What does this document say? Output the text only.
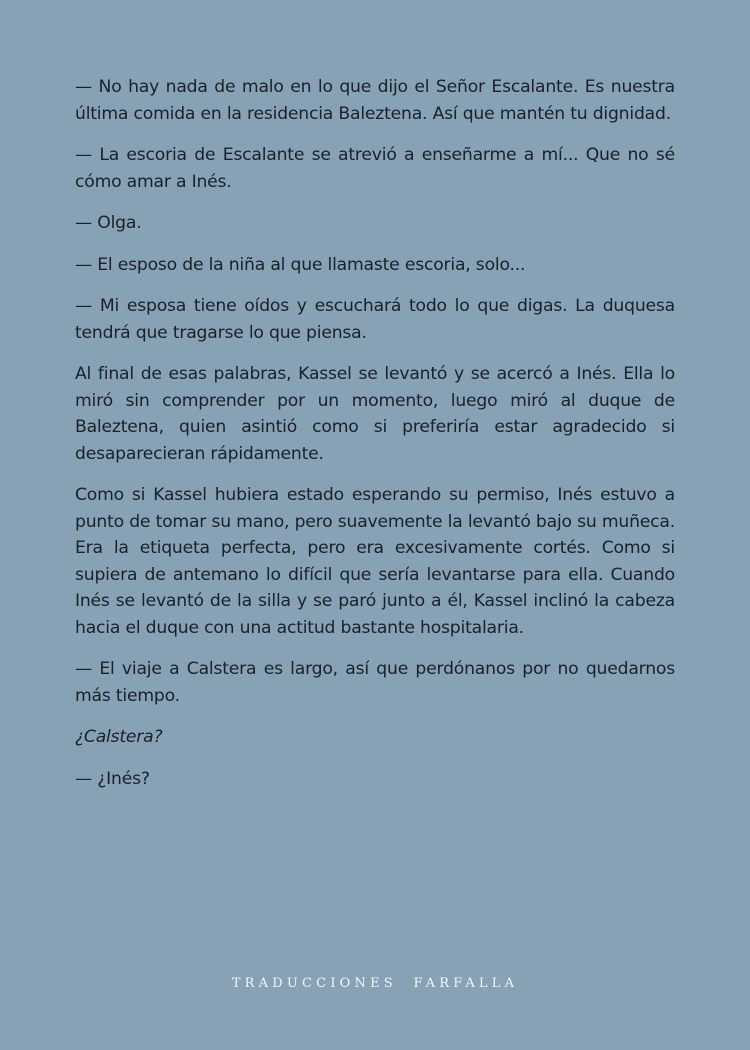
— No hay nada de malo en lo que dijo el Señor Escalante. Es nuestra última comida en la residencia Baleztena. Así que mantén tu dignidad.

— La escoria de Escalante se atrevió a enseñarme a mí... Que no sé cómo amar a Inés.

— Olga.

— El esposo de la niña al que llamaste escoria, solo...

— Mi esposa tiene oídos y escuchará todo lo que digas. La duquesa tendrá que tragarse lo que piensa.

Al final de esas palabras, Kassel se levantó y se acercó a Inés. Ella lo miró sin comprender por un momento, luego miró al duque de Baleztena, quien asintió como si preferiría estar agradecido si desaparecieran rápidamente.

Como si Kassel hubiera estado esperando su permiso, Inés estuvo a punto de tomar su mano, pero suavemente la levantó bajo su muñeca. Era la etiqueta perfecta, pero era excesivamente cortés. Como si supiera de antemano lo difícil que sería levantarse para ella. Cuando Inés se levantó de la silla y se paró junto a él, Kassel inclinó la cabeza hacia el duque con una actitud bastante hospitalaria.

— El viaje a Calstera es largo, así que perdónanos por no quedarnos más tiempo.

¿Calstera?

— ¿Inés?

TRADUCCIONES  FARFALLA
